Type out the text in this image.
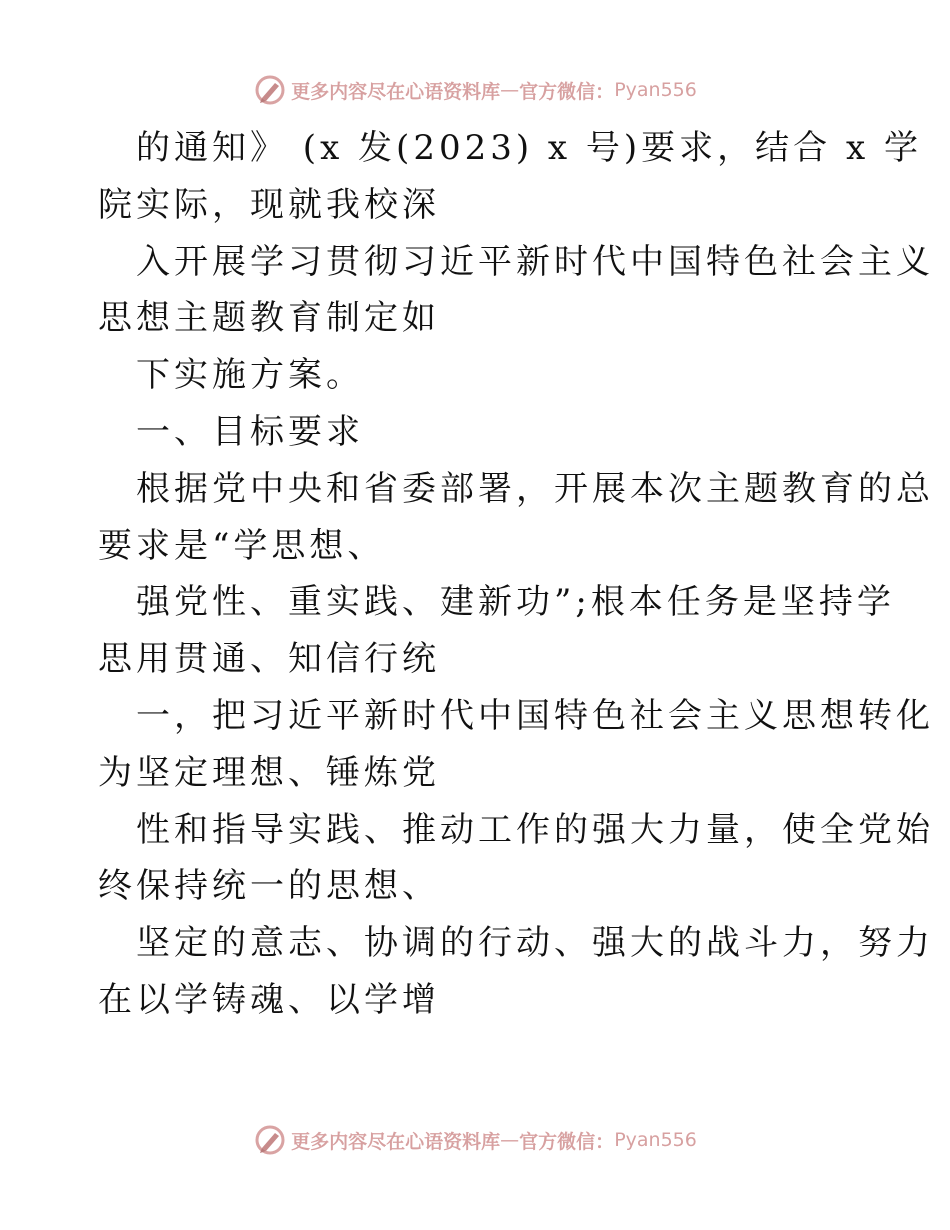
更多内容尽在心语资料库 — 官方微信： Pyan556
的通知》 (x 发(2023) x 号)要求，结合 x 学
院实际，现就我校深
入开展学习贯彻习近平新时代中国特色社会主义
思想主题教育制定如
下实施方案。
一、目标要求
根据党中央和省委部署，开展本次主题教育的总
要求是“学思想、
强党性、重实践、建新功”;根本任务是坚持学
思用贯通、知信行统
一，把习近平新时代中国特色社会主义思想转化
为坚定理想、锤炼党
性和指导实践、推动工作的强大力量，使全党始
终保持统一的思想、
坚定的意志、协调的行动、强大的战斗力，努力
在以学铸魂、以学增
更多内容尽在心语资料库 — 官方微信： Pyan556
